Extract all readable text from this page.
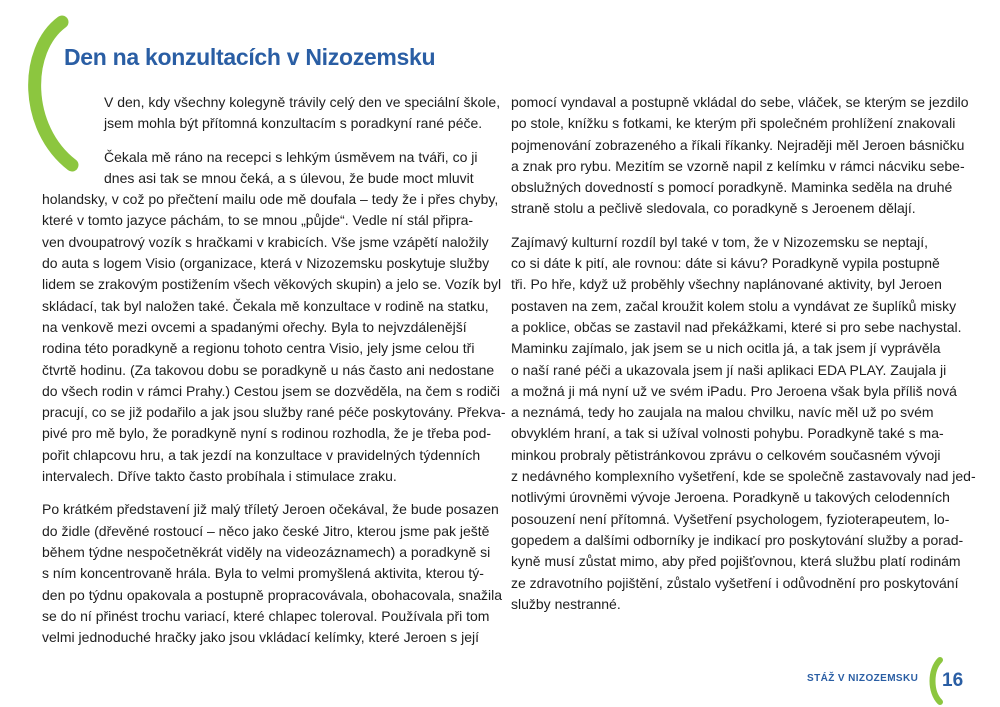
Den na konzultacích v Nizozemsku

V den, kdy všechny kolegyně trávily celý den ve speciální škole,
jsem mohla být přítomná konzultacím s poradkyní rané péče.

Čekala mě ráno na recepci s lehkým úsměvem na tváři, co ji
dnes asi tak se mnou čeká, a s úlevou, že bude moct mluvit
holandsky, v což po přečtení mailu ode mě doufala – tedy že i přes chyby,
které v tomto jazyce páchám, to se mnou „půjde“. Vedle ní stál připra-
ven dvoupatrový vozík s hračkami v krabicích. Vše jsme vzápětí naložily
do auta s logem Visio (organizace, která v Nizozemsku poskytuje služby
lidem se zrakovým postižením všech věkových skupin) a jelo se. Vozík byl
skládací, tak byl naložen také. Čekala mě konzultace v rodině na statku,
na venkově mezi ovcemi a spadanými ořechy. Byla to nejvzdálenější
rodina této poradkyně a regionu tohoto centra Visio, jely jsme celou tři
čtvrtě hodinu. (Za takovou dobu se poradkyně u nás často ani nedostane
do všech rodin v rámci Prahy.) Cestou jsem se dozvěděla, na čem s rodiči
pracují, co se již podařilo a jak jsou služby rané péče poskytovány. Překva-
pivé pro mě bylo, že poradkyně nyní s rodinou rozhodla, že je třeba pod-
pořit chlapcovu hru, a tak jezdí na konzultace v pravidelných týdenních
intervalech. Dříve takto často probíhala i stimulace zraku.

Po krátkém představení již malý tříletý Jeroen očekával, že bude posazen
do židle (dřevěné rostoucí – něco jako české Jitro, kterou jsme pak ještě
během týdne nespočetněkrát viděly na videozáznamech) a poradkyně si
s ním koncentrovaně hrála. Byla to velmi promyšlená aktivita, kterou tý-
den po týdnu opakovala a postupně propracovávala, obohacovala, snažila
se do ní přinést trochu variací, které chlapec toleroval. Používala při tom
velmi jednoduché hračky jako jsou vkládací kelímky, které Jeroen s její

pomocí vyndaval a postupně vkládal do sebe, vláček, se kterým se jezdilo
po stole, knížku s fotkami, ke kterým při společném prohlížení znakovali
pojmenování zobrazeného a říkali říkanky. Nejraději měl Jeroen básničku
a znak pro rybu. Mezitím se vzorně napil z kelímku v rámci nácviku sebe-
obslužných dovedností s pomocí poradkyně. Maminka seděla na druhé
straně stolu a pečlivě sledovala, co poradkyně s Jeroenem dělají.

Zajímavý kulturní rozdíl byl také v tom, že v Nizozemsku se neptají,
co si dáte k pití, ale rovnou: dáte si kávu? Poradkyně vypila postupně
tři. Po hře, když už proběhly všechny naplánované aktivity, byl Jeroen
postaven na zem, začal kroužit kolem stolu a vyndávat ze šuplíků misky
a poklice, občas se zastavil nad překážkami, které si pro sebe nachystal.
Maminku zajímalo, jak jsem se u nich ocitla já, a tak jsem jí vyprávěla
o naší rané péči a ukazovala jsem jí naši aplikaci EDA PLAY. Zaujala ji
a možná ji má nyní už ve svém iPadu. Pro Jeroena však byla příliš nová
a neznámá, tedy ho zaujala na malou chvilku, navíc měl už po svém
obvyklém hraní, a tak si užíval volnosti pohybu. Poradkyně také s ma-
minkou probraly pětistránkovou zprávu o celkovém současném vývoji
z nedávného komplexního vyšetření, kde se společně zastavovaly nad jed-
notlivými úrovněmi vývoje Jeroena. Poradkyně u takových celodenních
posouzení není přítomná. Vyšetření psychologem, fyzioterapeutem, lo-
gopedem a dalšími odborníky je indikací pro poskytování služby a porad-
kyně musí zůstat mimo, aby před pojišťovnou, která službu platí rodinám
ze zdravotního pojištění, zůstalo vyšetření i odůvodnění pro poskytování
služby nestranné.

STÁŽ V NIZOZEMSKU 16
